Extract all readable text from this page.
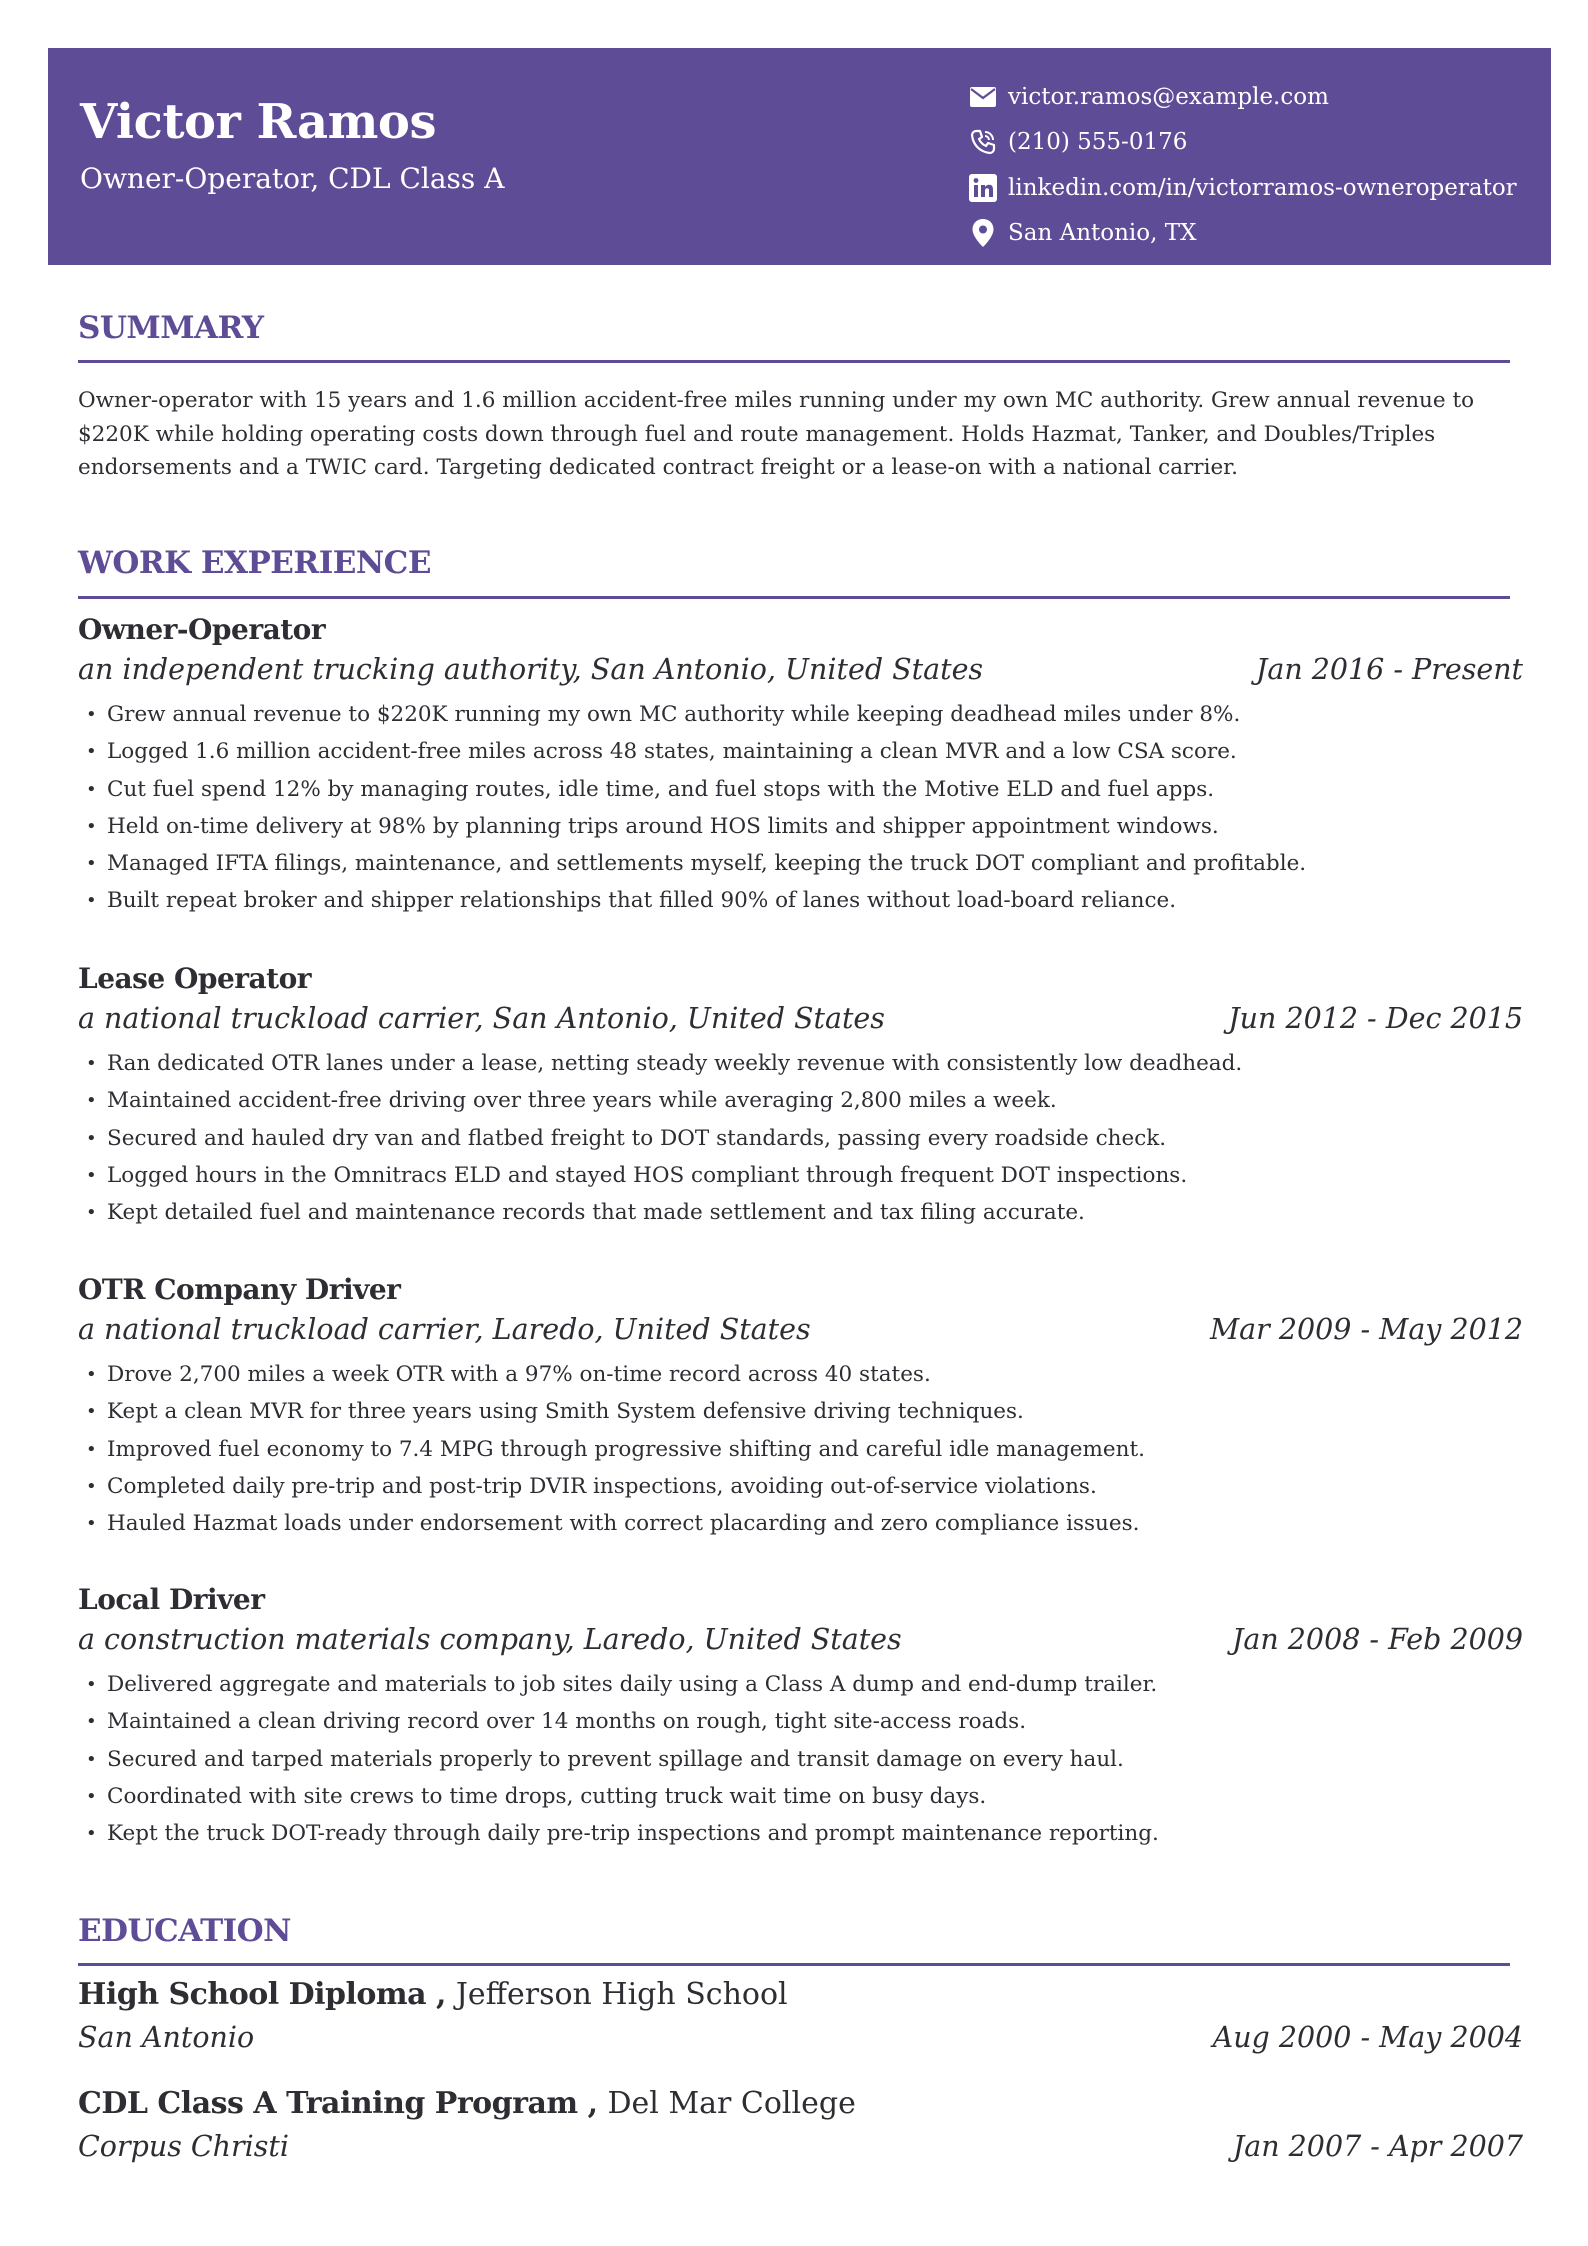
Victor Ramos
Owner-Operator, CDL Class A
victor.ramos@example.com
(210) 555-0176
linkedin.com/in/victorramos-owneroperator
San Antonio, TX
SUMMARY
Owner-operator with 15 years and 1.6 million accident-free miles running under my own MC authority. Grew annual revenue to $220K while holding operating costs down through fuel and route management. Holds Hazmat, Tanker, and Doubles/Triples endorsements and a TWIC card. Targeting dedicated contract freight or a lease-on with a national carrier.
WORK EXPERIENCE
Owner-Operator
an independent trucking authority, San Antonio, United States	Jan 2016 - Present
• Grew annual revenue to $220K running my own MC authority while keeping deadhead miles under 8%.
• Logged 1.6 million accident-free miles across 48 states, maintaining a clean MVR and a low CSA score.
• Cut fuel spend 12% by managing routes, idle time, and fuel stops with the Motive ELD and fuel apps.
• Held on-time delivery at 98% by planning trips around HOS limits and shipper appointment windows.
• Managed IFTA filings, maintenance, and settlements myself, keeping the truck DOT compliant and profitable.
• Built repeat broker and shipper relationships that filled 90% of lanes without load-board reliance.
Lease Operator
a national truckload carrier, San Antonio, United States	Jun 2012 - Dec 2015
• Ran dedicated OTR lanes under a lease, netting steady weekly revenue with consistently low deadhead.
• Maintained accident-free driving over three years while averaging 2,800 miles a week.
• Secured and hauled dry van and flatbed freight to DOT standards, passing every roadside check.
• Logged hours in the Omnitracs ELD and stayed HOS compliant through frequent DOT inspections.
• Kept detailed fuel and maintenance records that made settlement and tax filing accurate.
OTR Company Driver
a national truckload carrier, Laredo, United States	Mar 2009 - May 2012
• Drove 2,700 miles a week OTR with a 97% on-time record across 40 states.
• Kept a clean MVR for three years using Smith System defensive driving techniques.
• Improved fuel economy to 7.4 MPG through progressive shifting and careful idle management.
• Completed daily pre-trip and post-trip DVIR inspections, avoiding out-of-service violations.
• Hauled Hazmat loads under endorsement with correct placarding and zero compliance issues.
Local Driver
a construction materials company, Laredo, United States	Jan 2008 - Feb 2009
• Delivered aggregate and materials to job sites daily using a Class A dump and end-dump trailer.
• Maintained a clean driving record over 14 months on rough, tight site-access roads.
• Secured and tarped materials properly to prevent spillage and transit damage on every haul.
• Coordinated with site crews to time drops, cutting truck wait time on busy days.
• Kept the truck DOT-ready through daily pre-trip inspections and prompt maintenance reporting.
EDUCATION
High School Diploma , Jefferson High School
San Antonio	Aug 2000 - May 2004
CDL Class A Training Program , Del Mar College
Corpus Christi	Jan 2007 - Apr 2007
